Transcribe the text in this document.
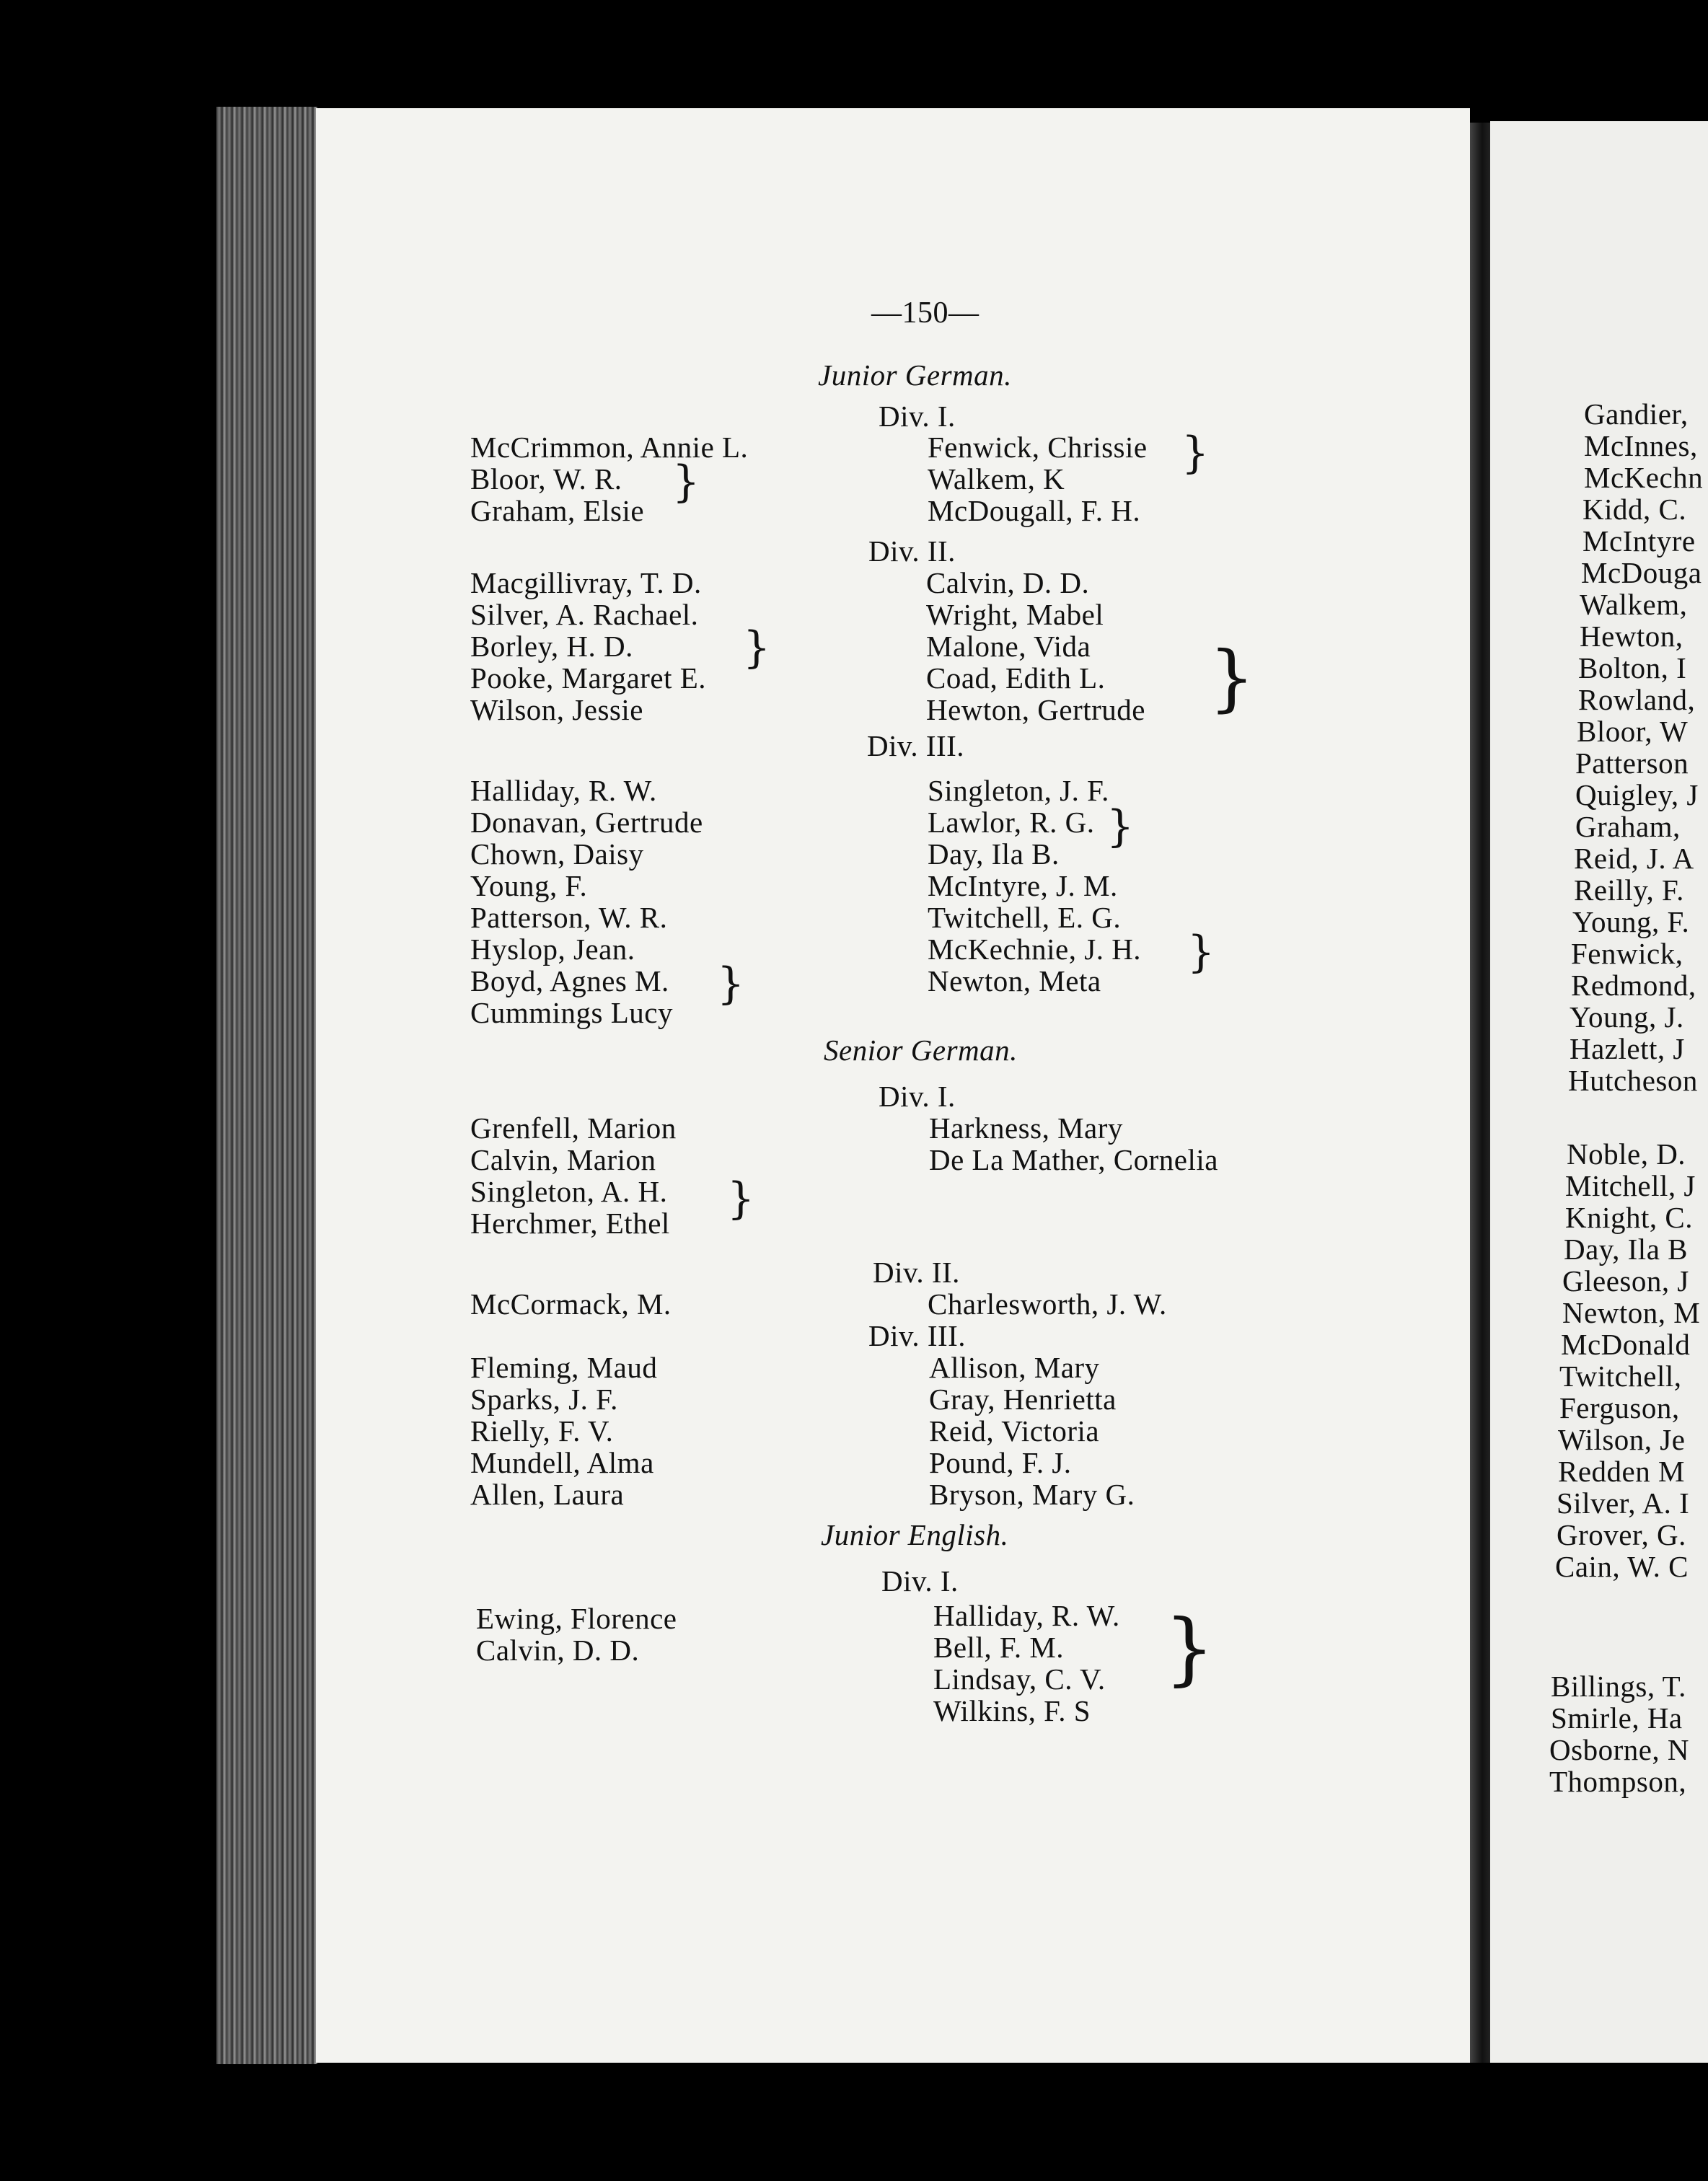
—150—
Junior German.
Div. I.
McCrimmon, Annie L.
Bloor, W. R.
Graham, Elsie
}
Fenwick, Chrissie
Walkem, K
McDougall, F. H.
}
Div. II.
Macgillivray, T. D.
Silver, A. Rachael.
Borley, H. D.
Pooke, Margaret E.
Wilson, Jessie
}
Calvin, D. D.
Wright, Mabel
Malone, Vida
Coad, Edith L.
Hewton, Gertrude }
Div. III.
Halliday, R. W.
Donavan, Gertrude
Chown, Daisy
Young, F.
Patterson, W. R.
Hyslop, Jean.
Boyd, Agnes M.
Cummings Lucy
}
Singleton, J. F.
Lawlor, R. G.
Day, Ila B.
McIntyre, J. M.
Twitchell, E. G.
McKechnie, J. H.
Newton, Meta
}
}
Senior German.
Div. I.
Grenfell, Marion
Calvin, Marion
Singleton, A. H.
Herchmer, Ethel }
Harkness, Mary
De La Mather, Cornelia
Div. II.
McCormack, M.	Charlesworth, J. W.
Div. III.
Fleming, Maud
Sparks, J. F.
Rielly, F. V.
Mundell, Alma
Allen, Laura
Allison, Mary
Gray, Henrietta
Reid, Victoria
Pound, F. J.
Bryson, Mary G.
Junior English.
Div. I.
Ewing, Florence
Calvin, D. D.
Halliday, R. W.
Bell, F. M.
Lindsay, C. V.
Wilkins, F. S
}
Gandier,
McInnes,
McKechn
Kidd, C.
McIntyre
McDouga
Walkem,
Hewton,
Bolton, I
Rowland,
Bloor, W
Patterson
Quigley, J
Graham,
Reid, J. A
Reilly, F.
Young, F.
Fenwick,
Redmond,
Young, J.
Hazlett, J
Hutcheson
Noble, D.
Mitchell, J
Knight, C.
Day, Ila B
Gleeson, J
Newton, M
McDonald
Twitchell,
Ferguson,
Wilson, Je
Redden M
Silver, A. I
Grover, G.
Cain, W. C
Billings, T.
Smirle, Ha
Osborne, N
Thompson,
